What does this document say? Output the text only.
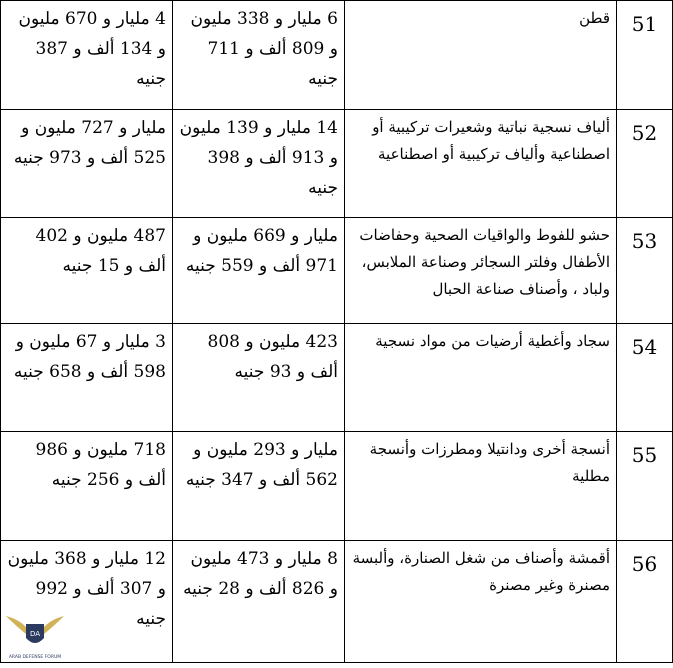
51
قطن
6 مليار و 338 مليون و 809 ألف و 711 جنيه
4 مليار و 670 مليون و 134 ألف و 387 جنيه
52
ألياف نسجية نباتية وشعيرات تركيبية أو اصطناعية وألياف تركيبية أو اصطناعية
14 مليار و 139 مليون و 913 ألف و 398 جنيه
مليار و 727 مليون و 525 ألف و 973 جنيه
53
حشو للفوط والواقيات الصحية وحفاضات الأطفال وفلتر السجائر وصناعة الملابس، ولباد ، وأصناف صناعة الحبال
مليار و 669 مليون و 971 ألف و 559 جنيه
487 مليون و 402 ألف و 15 جنيه
54
سجاد وأغطية أرضيات من مواد نسجية
423 مليون و 808 ألف و 93 جنيه
3 مليار و 67 مليون و 598 ألف و 658 جنيه
55
أنسجة أخرى ودانتيلا ومطرزات وأنسجة مطلية
مليار و 293 مليون و 562 ألف و 347 جنيه
718 مليون و 986 ألف و 256 جنيه
56
أقمشة وأصناف من شغل الصنارة، وألبسة مصنرة وغير مصنرة
8 مليار و 473 مليون و 826 ألف و 28 جنيه
12 مليار و 368 مليون و 307 ألف و 992 جنيه
DA
ARAB DEFENSE FORUM
